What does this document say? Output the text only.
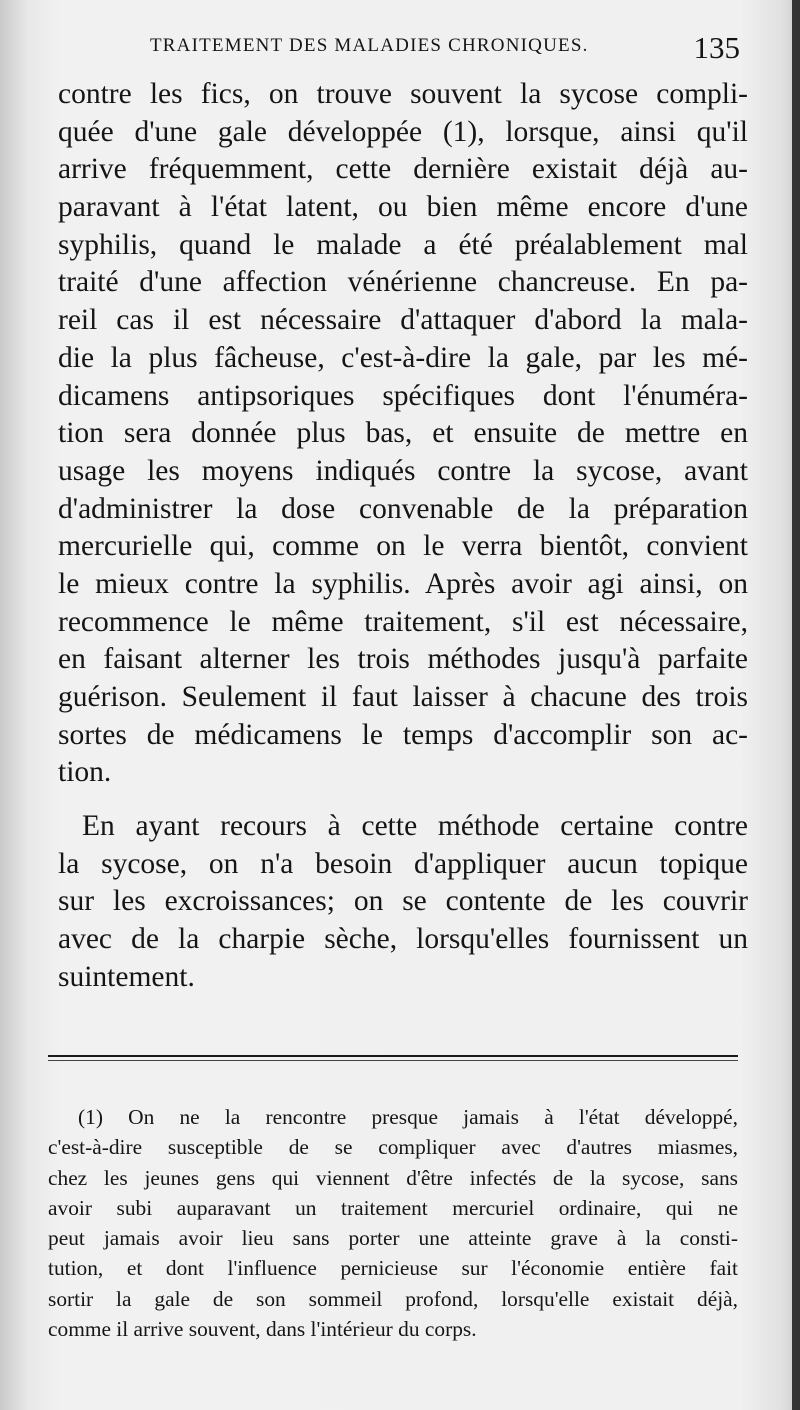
TRAITEMENT DES MALADIES CHRONIQUES.	135
contre les fics, on trouve souvent la sycose compli-
quée d'une gale développée (1), lorsque, ainsi qu'il
arrive fréquemment, cette dernière existait déjà au-
paravant à l'état latent, ou bien même encore d'une
syphilis, quand le malade a été préalablement mal
traité d'une affection vénérienne chancreuse. En pa-
reil cas il est nécessaire d'attaquer d'abord la mala-
die la plus fâcheuse, c'est-à-dire la gale, par les mé-
dicamens antipsoriques spécifiques dont l'énuméra-
tion sera donnée plus bas, et ensuite de mettre en
usage les moyens indiqués contre la sycose, avant
d'administrer la dose convenable de la préparation
mercurielle qui, comme on le verra bientôt, convient
le mieux contre la syphilis. Après avoir agi ainsi, on
recommence le même traitement, s'il est nécessaire,
en faisant alterner les trois méthodes jusqu'à parfaite
guérison. Seulement il faut laisser à chacune des trois
sortes de médicamens le temps d'accomplir son ac-
tion.
En ayant recours à cette méthode certaine contre
la sycose, on n'a besoin d'appliquer aucun topique
sur les excroissances; on se contente de les couvrir
avec de la charpie sèche, lorsqu'elles fournissent un
suintement.
(1) On ne la rencontre presque jamais à l'état développé,
c'est-à-dire susceptible de se compliquer avec d'autres miasmes,
chez les jeunes gens qui viennent d'être infectés de la sycose, sans
avoir subi auparavant un traitement mercuriel ordinaire, qui ne
peut jamais avoir lieu sans porter une atteinte grave à la consti-
tution, et dont l'influence pernicieuse sur l'économie entière fait
sortir la gale de son sommeil profond, lorsqu'elle existait déjà,
comme il arrive souvent, dans l'intérieur du corps.
